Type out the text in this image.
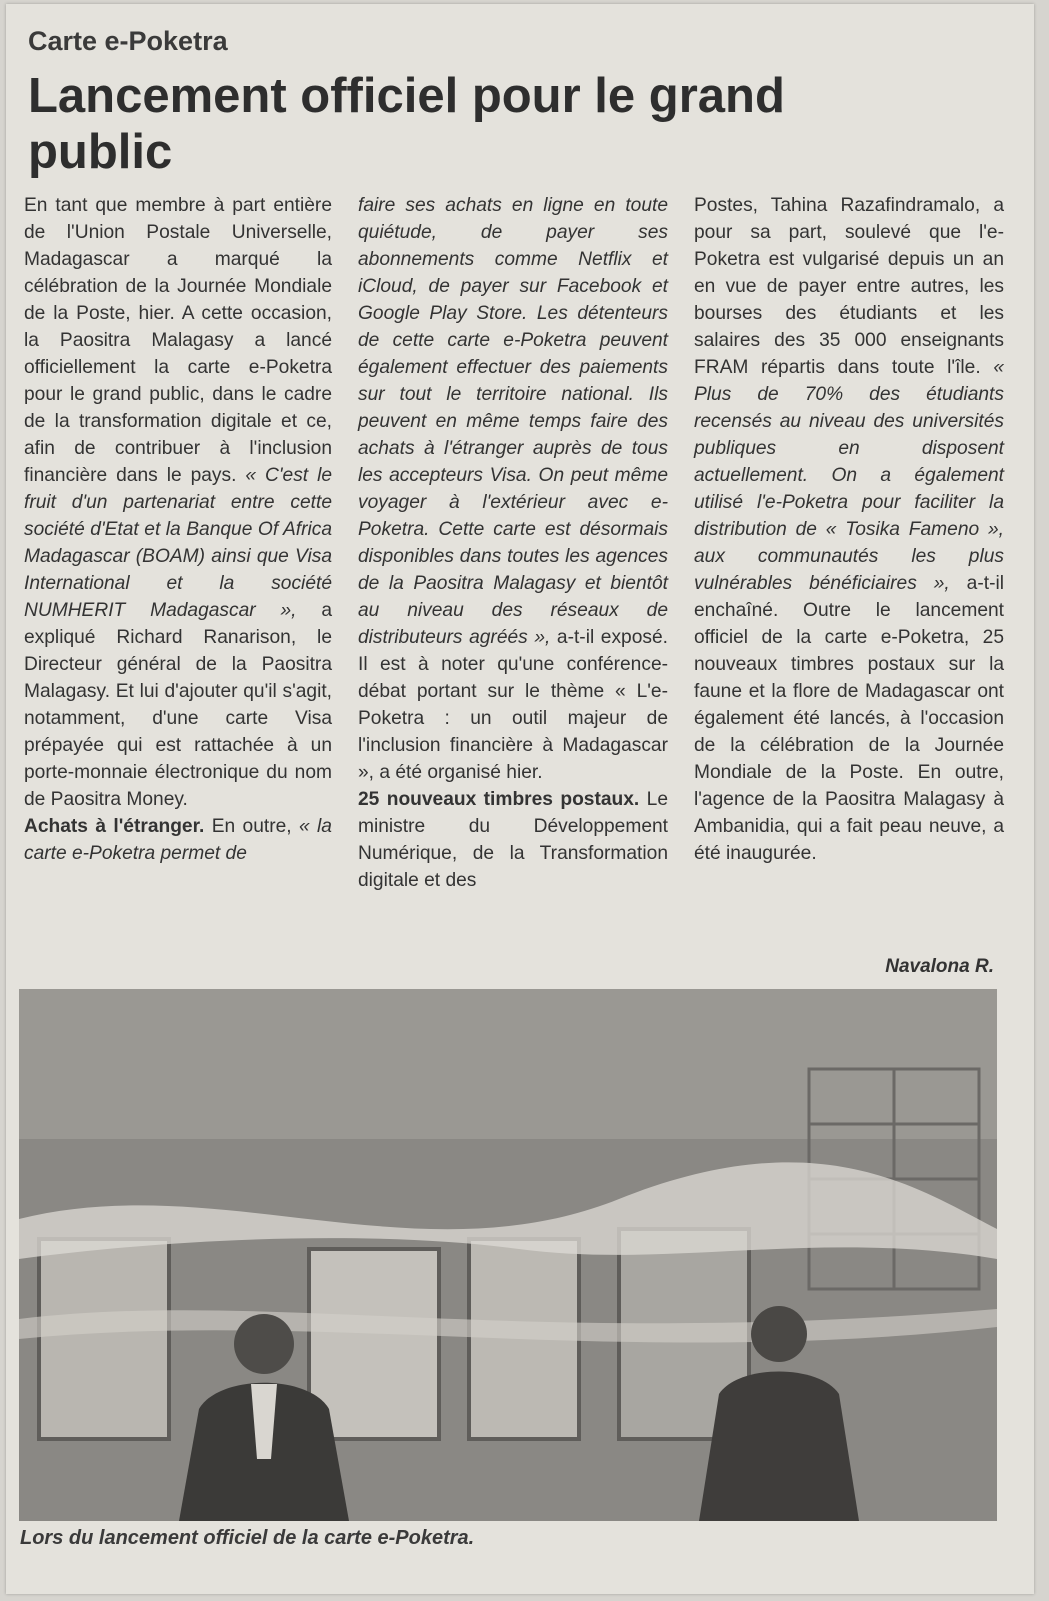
Carte e-Poketra
Lancement officiel pour le grand public

En tant que membre à part entière de l'Union Postale Universelle, Madagascar a marqué la célébration de la Journée Mondiale de la Poste, hier. A cette occasion, la Paositra Malagasy a lancé officiellement la carte e-Poketra pour le grand public, dans le cadre de la transformation digitale et ce, afin de contribuer à l'inclusion financière dans le pays. « C'est le fruit d'un partenariat entre cette société d'Etat et la Banque Of Africa Madagascar (BOAM) ainsi que Visa International et la société NUMHERIT Madagascar », a expliqué Richard Ranarison, le Directeur général de la Paositra Malagasy. Et lui d'ajouter qu'il s'agit, notamment, d'une carte Visa prépayée qui est rattachée à un porte-monnaie électronique du nom de Paositra Money.

Achats à l'étranger. En outre, « la carte e-Poketra permet de

faire ses achats en ligne en toute quiétude, de payer ses abonnements comme Netflix et iCloud, de payer sur Facebook et Google Play Store. Les détenteurs de cette carte e-Poketra peuvent également effectuer des paiements sur tout le territoire national. Ils peuvent en même temps faire des achats à l'étranger auprès de tous les accepteurs Visa. On peut même voyager à l'extérieur avec e-Poketra. Cette carte est désormais disponibles dans toutes les agences de la Paositra Malagasy et bientôt au niveau des réseaux de distributeurs agréés », a-t-il exposé. Il est à noter qu'une conférence-débat portant sur le thème « L'e-Poketra : un outil majeur de l'inclusion financière à Madagascar », a été organisé hier.

25 nouveaux timbres postaux. Le ministre du Développement Numérique, de la Transformation digitale et des

Postes, Tahina Razafindramalo, a pour sa part, soulevé que l'e-Poketra est vulgarisé depuis un an en vue de payer entre autres, les bourses des étudiants et les salaires des 35 000 enseignants FRAM répartis dans toute l'île. « Plus de 70% des étudiants recensés au niveau des universités publiques en disposent actuellement. On a également utilisé l'e-Poketra pour faciliter la distribution de « Tosika Fameno », aux communautés les plus vulnérables bénéficiaires », a-t-il enchaîné. Outre le lancement officiel de la carte e-Poketra, 25 nouveaux timbres postaux sur la faune et la flore de Madagascar ont également été lancés, à l'occasion de la célébration de la Journée Mondiale de la Poste. En outre, l'agence de la Paositra Malagasy à Ambanidia, qui a fait peau neuve, a été inaugurée.

Navalona R.
Lors du lancement officiel de la carte e-Poketra.
